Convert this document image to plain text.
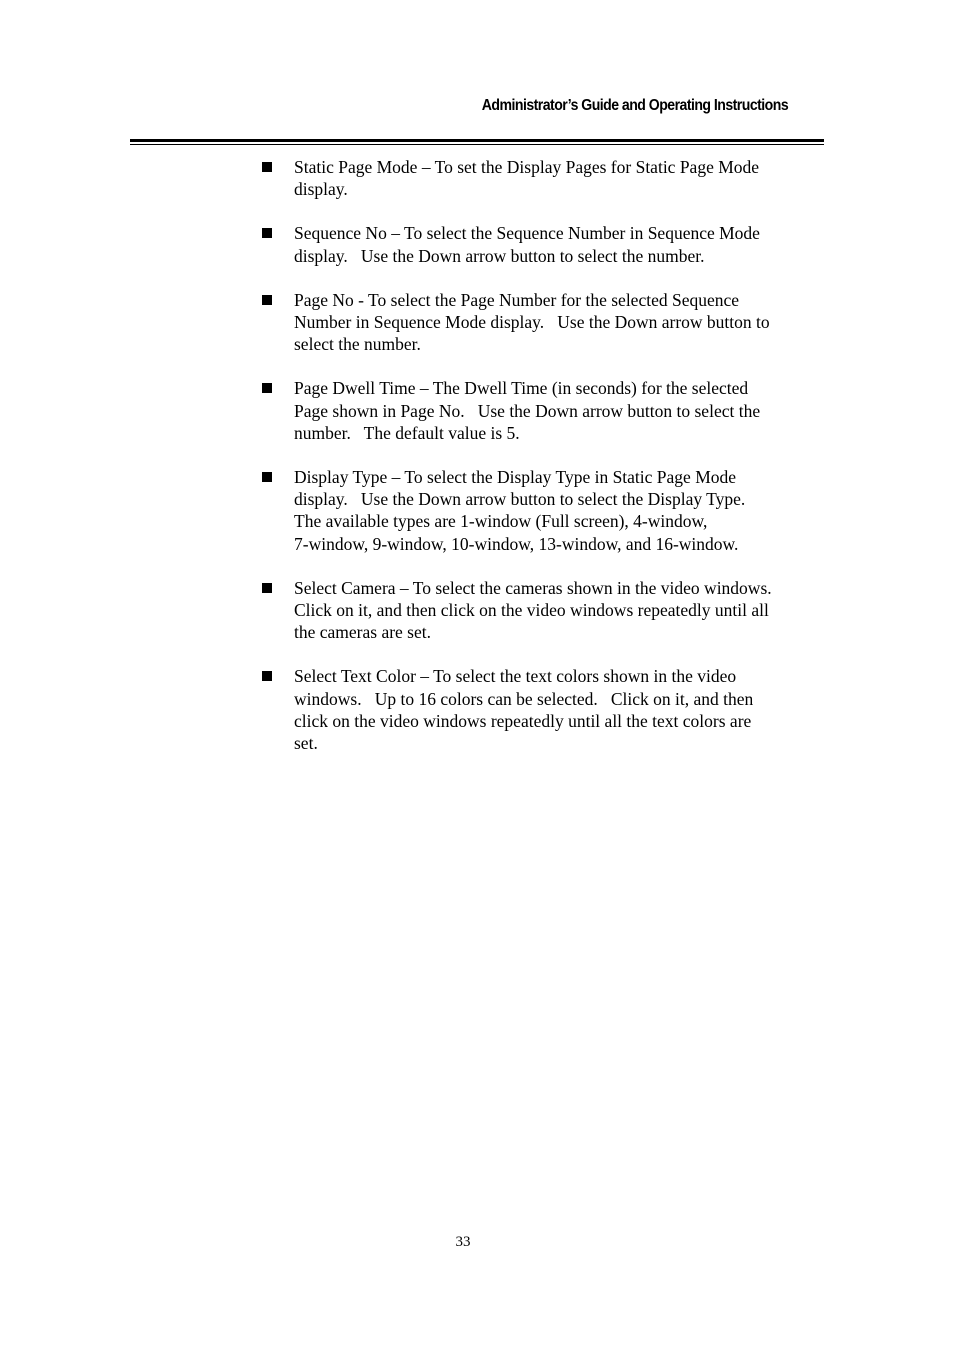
Administrator’s Guide and Operating Instructions
Static Page Mode – To set the Display Pages for Static Page Mode
display.
Sequence No – To select the Sequence Number in Sequence Mode
display.   Use the Down arrow button to select the number.
Page No - To select the Page Number for the selected Sequence
Number in Sequence Mode display.   Use the Down arrow button to
select the number.
Page Dwell Time – The Dwell Time (in seconds) for the selected
Page shown in Page No.   Use the Down arrow button to select the
number.   The default value is 5.
Display Type – To select the Display Type in Static Page Mode
display.   Use the Down arrow button to select the Display Type.
The available types are 1-window (Full screen), 4-window,
7-window, 9-window, 10-window, 13-window, and 16-window.
Select Camera – To select the cameras shown in the video windows.
Click on it, and then click on the video windows repeatedly until all
the cameras are set.
Select Text Color – To select the text colors shown in the video
windows.   Up to 16 colors can be selected.   Click on it, and then
click on the video windows repeatedly until all the text colors are
set.
33
